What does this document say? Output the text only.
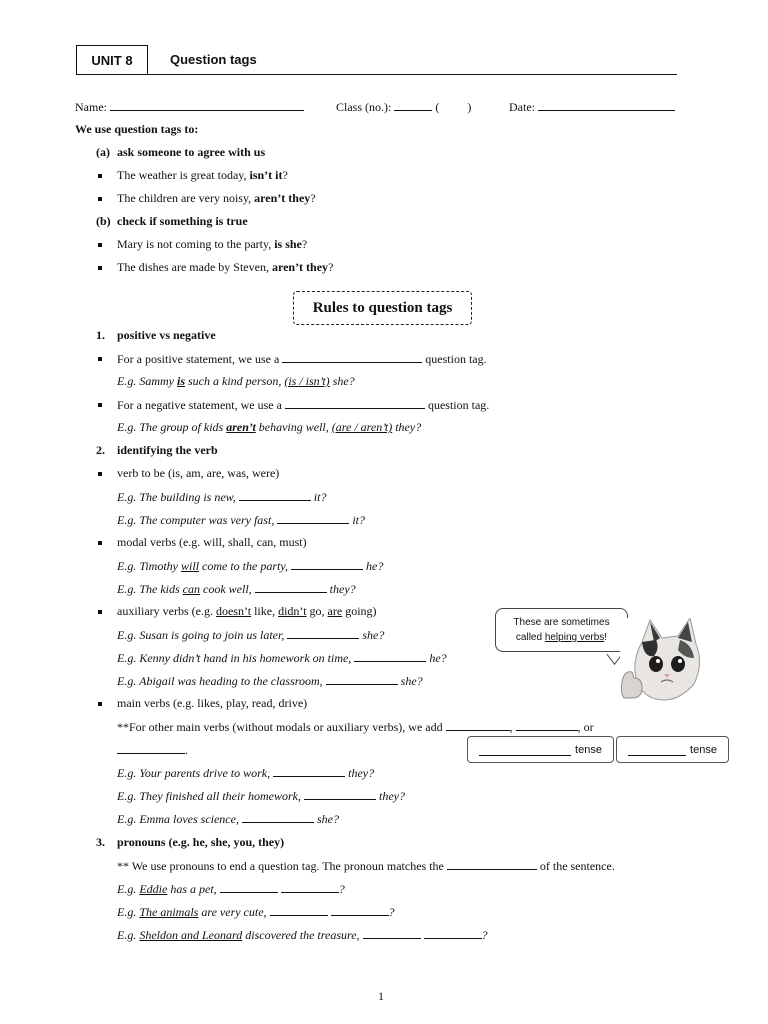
UNIT 8	Question tags
Name:	Class (no.):	( )	Date:
We use question tags to:
(a) ask someone to agree with us
The weather is great today, isn’t it?
The children are very noisy, aren’t they?
(b) check if something is true
Mary is not coming to the party, is she?
The dishes are made by Steven, aren’t they?
Rules to question tags
1. positive vs negative
For a positive statement, we use a	question tag.
E.g. Sammy is such a kind person, (is / isn’t) she?
For a negative statement, we use a	question tag.
E.g. The group of kids aren’t behaving well, (are / aren’t) they?
2. identifying the verb
verb to be (is, am, are, was, were)
E.g. The building is new,	it?
E.g. The computer was very fast,	it?
modal verbs (e.g. will, shall, can, must)
E.g. Timothy will come to the party,	he?
E.g. The kids can cook well,	they?
auxiliary verbs (e.g. doesn’t like, didn’t go, are going)
E.g. Susan is going to join us later,	she?
E.g. Kenny didn’t hand in his homework on time,	he?
E.g. Abigail was heading to the classroom,	she?
These are sometimes
called helping verbs!
main verbs (e.g. likes, play, read, drive)
**For other main verbs (without modals or auxiliary verbs), we add	,	, or
.	tense	tense
E.g. Your parents drive to work,	they?
E.g. They finished all their homework,	they?
E.g. Emma loves science,	she?
3. pronouns (e.g. he, she, you, they)
** We use pronouns to end a question tag. The pronoun matches the	of the sentence.
E.g. Eddie has a pet,	?
E.g. The animals are very cute,	?
E.g. Sheldon and Leonard discovered the treasure,	?
1
